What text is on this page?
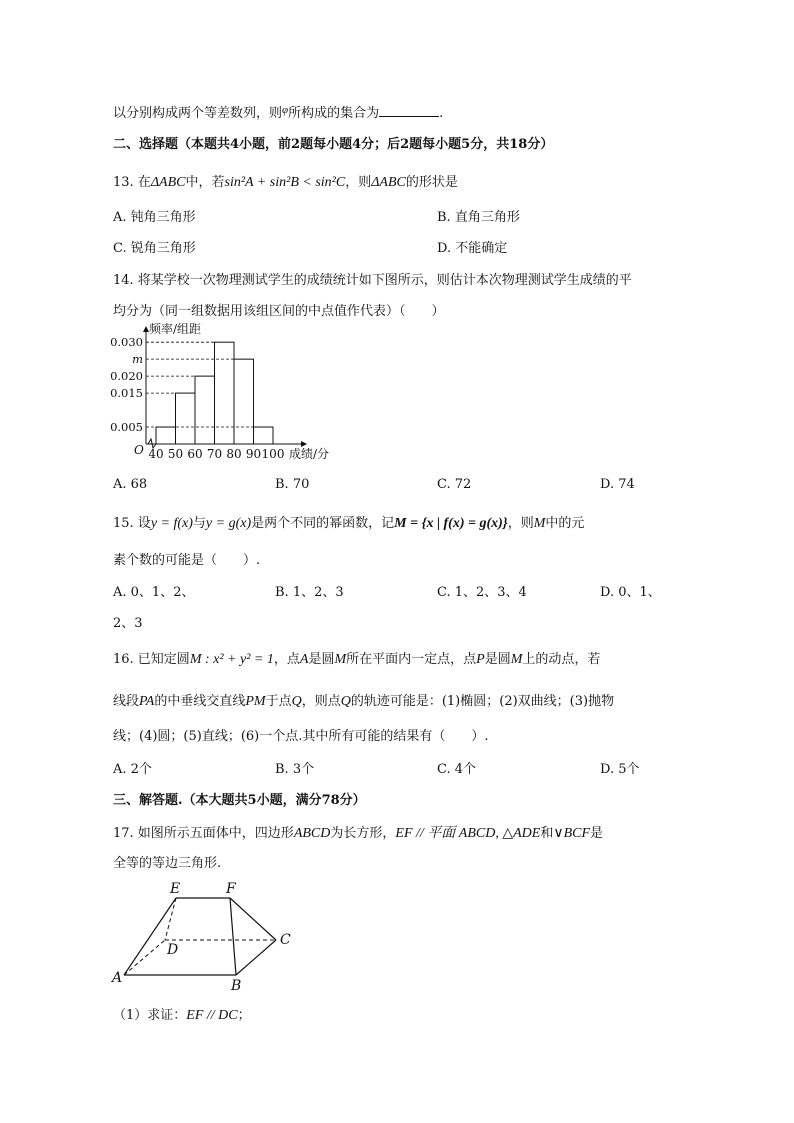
以分别构成两个等差数列，则$^\varphi$所构成的集合为	.
二、选择题（本题共4小题，前2题每小题4分；后2题每小题5分，共18分）
13. 在ΔABC中，若sin²A + sin²B < sin²C，则ΔABC的形状是
A. 钝角三角形	B. 直角三角形
C. 锐角三角形	D. 不能确定
14. 将某学校一次物理测试学生的成绩统计如下图所示，则估计本次物理测试学生成绩的平
均分为（同一组数据用该组区间的中点值作代表）（　　）
频率/组距
成绩/分
O
0.005
0.015
0.020
m
0.030
40 50 60 70 80 90 100
A. 68	B. 70	C. 72	D. 74
15. 设y = f(x)与y = g(x)是两个不同的幂函数，记M = {x | f(x) = g(x)}，则M中的元
素个数的可能是（　　）.
A. 0、1、2、	B. 1、2、3	C. 1、2、3、4	D. 0、1、
2、3
16. 已知定圆M : x² + y² = 1，点A是圆M所在平面内一定点，点P是圆M上的动点，若
线段PA的中垂线交直线PM于点Q，则点Q的轨迹可能是：(1)椭圆；(2)双曲线；(3)抛物
线；(4)圆；(5)直线；(6)一个点.其中所有可能的结果有（　　）.
A. 2个	B. 3个	C. 4个	D. 5个
三、解答题.（本大题共5小题，满分78分）
17. 如图所示五面体中，四边形ABCD为长方形，EF // 平面 ABCD, △ADE和∨BCF是
全等的等边三角形.
E	F
D
C
A	B
（1）求证：EF // DC；
